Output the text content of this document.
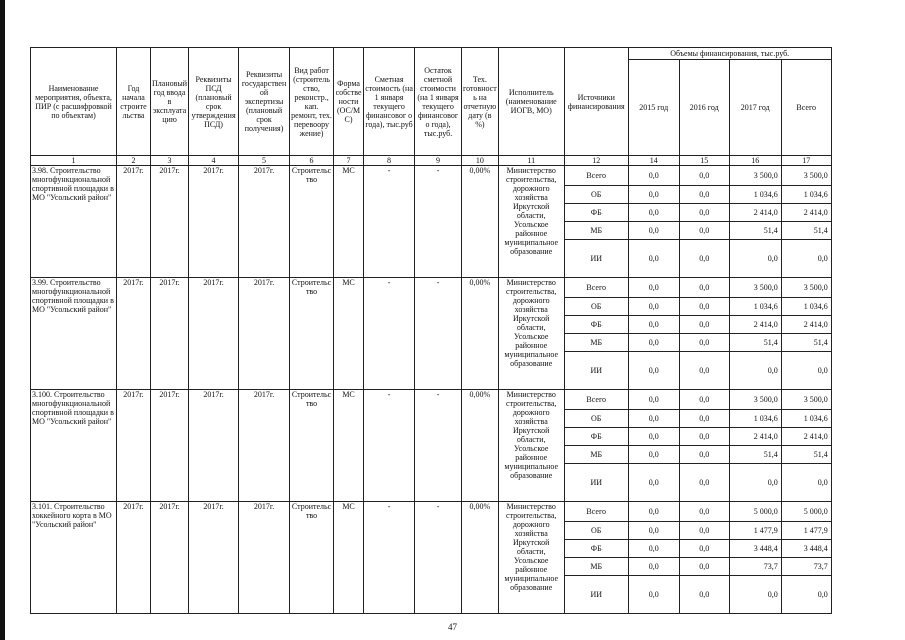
Наименование мероприятия, объекта, ПИР (с расшифровкой по объектам)	Год начала строите льства	Плановый год ввода в эксплуата цию	Реквизиты ПСД (плановый срок утверждения ПСД)	Реквизиты государствен ой экспертизы (плановый срок получения)	Вид работ (строитель ство, реконстр., кап. ремонт, тех. перевоору жение)	Форма собстве ности (ОС/М С)	Сметная стоимость (на 1 января текущего финансовог о года), тыс.руб	Остаток сметной стоимости (на 1 января текущего финансовог о года), тыс.руб.	Тех. готовност ь на отчетную дату (в %)	Исполнитель (наименование ИОГВ, МО)	Источники финансирования	Объемы финансирования, тыс.руб.			
												2015 год	2016 год	2017 год	Всего
1	2	3	4	5	6	7	8	9	10	11	12	14	15	16	17
3.98. Строительство многофункциональной спортивной площадки в МО "Усольский район"	2017г.	2017г.	2017г.	2017г.	Строительс тво	МС	-	-	0,00%	Министерство строительства, дорожного хозяйства Иркутской области, Усольское районное муниципальное образование	Всего	0,0	0,0	3 500,0	3 500,0
											ОБ	0,0	0,0	1 034,6	1 034,6
											ФБ	0,0	0,0	2 414,0	2 414,0
											МБ	0,0	0,0	51,4	51,4
											ИИ	0,0	0,0	0,0	0,0
3.99. Строительство многофункциональной спортивной площадки в МО "Усольский район"	2017г.	2017г.	2017г.	2017г.	Строительс тво	МС	-	-	0,00%	Министерство строительства, дорожного хозяйства Иркутской области, Усольское районное муниципальное образование	Всего	0,0	0,0	3 500,0	3 500,0
											ОБ	0,0	0,0	1 034,6	1 034,6
											ФБ	0,0	0,0	2 414,0	2 414,0
											МБ	0,0	0,0	51,4	51,4
											ИИ	0,0	0,0	0,0	0,0
3.100. Строительство многофункциональной спортивной площадки в МО "Усольский район"	2017г.	2017г.	2017г.	2017г.	Строительс тво	МС	-	-	0,00%	Министерство строительства, дорожного хозяйства Иркутской области, Усольское районное муниципальное образование	Всего	0,0	0,0	3 500,0	3 500,0
											ОБ	0,0	0,0	1 034,6	1 034,6
											ФБ	0,0	0,0	2 414,0	2 414,0
											МБ	0,0	0,0	51,4	51,4
											ИИ	0,0	0,0	0,0	0,0
3.101. Строительство хоккейного корта в МО "Усольский район"	2017г.	2017г.	2017г.	2017г.	Строительс тво	МС	-	-	0,00%	Министерство строительства, дорожного хозяйства Иркутской области, Усольское районное муниципальное образование	Всего	0,0	0,0	5 000,0	5 000,0
											ОБ	0,0	0,0	1 477,9	1 477,9
											ФБ	0,0	0,0	3 448,4	3 448,4
											МБ	0,0	0,0	73,7	73,7
											ИИ	0,0	0,0	0,0	0,0
47
